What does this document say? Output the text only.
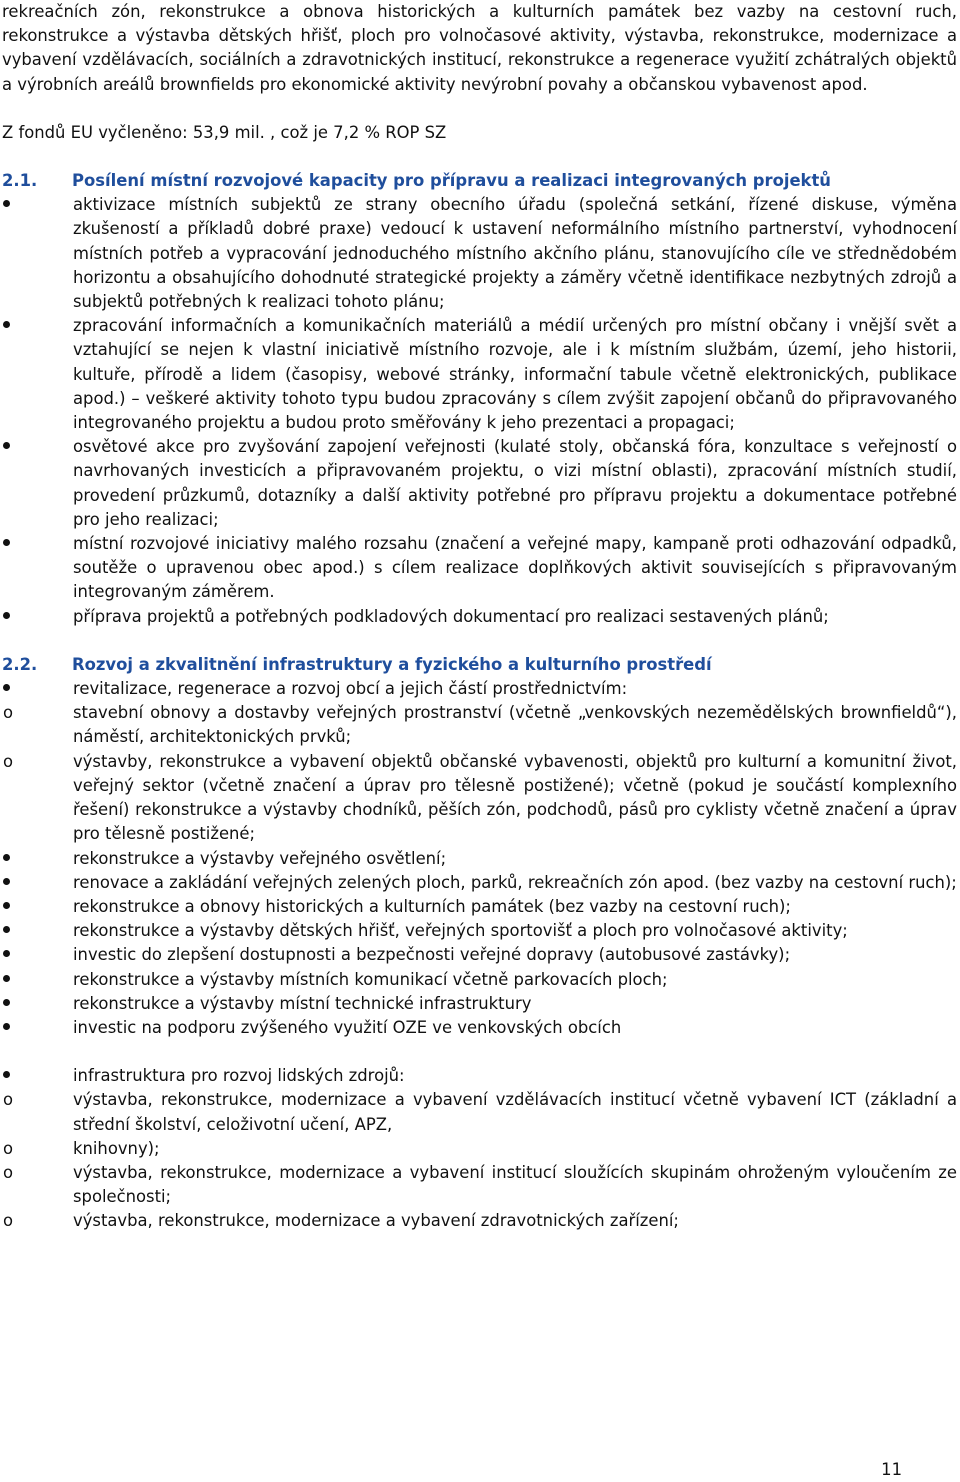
rekreačních zón, rekonstrukce a obnova historických a kulturních památek bez vazby na cestovní ruch, rekonstrukce a výstavba dětských hřišť, ploch pro volnočasové aktivity, výstavba, rekonstrukce, modernizace a vybavení vzdělávacích, sociálních a zdravotnických institucí, rekonstrukce a regenerace využití zchátralých objektů a výrobních areálů brownfields pro ekonomické aktivity nevýrobní povahy a občanskou vybavenost apod.

Z fondů EU vyčleněno: 53,9 mil. , což je 7,2 % ROP SZ

2.1.	Posílení místní rozvojové kapacity pro přípravu a realizaci integrovaných projektů
aktivizace místních subjektů ze strany obecního úřadu (společná setkání, řízené diskuse, výměna zkušeností a příkladů dobré praxe) vedoucí k ustavení neformálního místního partnerství, vyhodnocení místních potřeb a vypracování jednoduchého místního akčního plánu, stanovujícího cíle ve střednědobém horizontu a obsahujícího dohodnuté strategické projekty a záměry včetně identifikace nezbytných zdrojů a subjektů potřebných k realizaci tohoto plánu;
zpracování informačních a komunikačních materiálů a médií určených pro místní občany i vnější svět a vztahující se nejen k vlastní iniciativě místního rozvoje, ale i k místním službám, území, jeho historii, kultuře, přírodě a lidem (časopisy, webové stránky, informační tabule včetně elektronických, publikace apod.) – veškeré aktivity tohoto typu budou zpracovány s cílem zvýšit zapojení občanů do připravovaného integrovaného projektu a budou proto směřovány k jeho prezentaci a propagaci;
osvětové akce pro zvyšování zapojení veřejnosti (kulaté stoly, občanská fóra, konzultace s veřejností o navrhovaných investicích a připravovaném projektu, o vizi místní oblasti), zpracování místních studií, provedení průzkumů, dotazníky a další aktivity potřebné pro přípravu projektu a dokumentace potřebné pro jeho realizaci;
místní rozvojové iniciativy malého rozsahu (značení a veřejné mapy, kampaně proti odhazování odpadků, soutěže o upravenou obec apod.) s cílem realizace doplňkových aktivit souvisejících s připravovaným integrovaným záměrem.
příprava projektů a potřebných podkladových dokumentací pro realizaci sestavených plánů;
2.2.	Rozvoj a zkvalitnění infrastruktury a fyzického a kulturního prostředí
revitalizace, regenerace a rozvoj obcí a jejich částí prostřednictvím:
o	stavební obnovy a dostavby veřejných prostranství (včetně „venkovských nezemědělských brownfieldů“), náměstí, architektonických prvků;
o	výstavby, rekonstrukce a vybavení objektů občanské vybavenosti, objektů pro kulturní a komunitní život, veřejný sektor (včetně značení a úprav pro tělesně postižené); včetně (pokud je součástí komplexního řešení) rekonstrukce a výstavby chodníků, pěších zón, podchodů, pásů pro cyklisty včetně značení a úprav pro tělesně postižené;
rekonstrukce a výstavby veřejného osvětlení;
renovace a zakládání veřejných zelených ploch, parků, rekreačních zón apod. (bez vazby na cestovní ruch);
rekonstrukce a obnovy historických a kulturních památek (bez vazby na cestovní ruch);
rekonstrukce a výstavby dětských hřišť, veřejných sportovišť a ploch pro volnočasové aktivity;
investic do zlepšení dostupnosti a bezpečnosti veřejné dopravy (autobusové zastávky);
rekonstrukce a výstavby místních komunikací včetně parkovacích ploch;
rekonstrukce a výstavby místní technické infrastruktury
investic na podporu zvýšeného využití OZE ve venkovských obcích
infrastruktura pro rozvoj lidských zdrojů:
o	výstavba, rekonstrukce, modernizace a vybavení vzdělávacích institucí včetně vybavení ICT (základní a střední školství, celoživotní učení, APZ,
o	knihovny);
o	výstavba, rekonstrukce, modernizace a vybavení institucí sloužících skupinám ohroženým vyloučením ze společnosti;
o	výstavba, rekonstrukce, modernizace a vybavení zdravotnických zařízení;
11
